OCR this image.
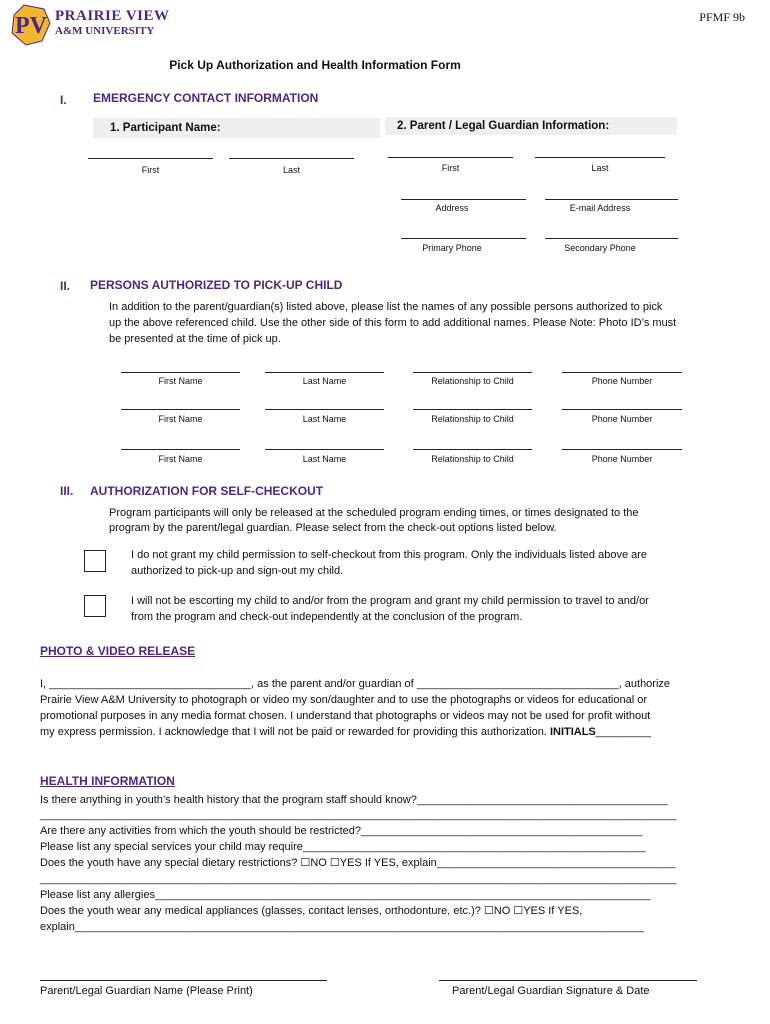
PV PRAIRIE VIEW
A&M UNIVERSITY
PFMF 9b
Pick Up Authorization and Health Information Form
I. EMERGENCY CONTACT INFORMATION
1. Participant Name:	2. Parent / Legal Guardian Information:
First	Last	First	Last
Address	E-mail Address
Primary Phone	Secondary Phone
II. PERSONS AUTHORIZED TO PICK-UP CHILD
In addition to the parent/guardian(s) listed above, please list the names of any possible persons authorized to pick
up the above referenced child. Use the other side of this form to add additional names. Please Note: Photo ID’s must
be presented at the time of pick up.
First Name	Last Name	Relationship to Child	Phone Number
First Name	Last Name	Relationship to Child	Phone Number
First Name	Last Name	Relationship to Child	Phone Number
III. AUTHORIZATION FOR SELF-CHECKOUT
Program participants will only be released at the scheduled program ending times, or times designated to the
program by the parent/legal guardian. Please select from the check-out options listed below.
I do not grant my child permission to self-checkout from this program. Only the individuals listed above are
authorized to pick-up and sign-out my child.
I will not be escorting my child to and/or from the program and grant my child permission to travel to and/or
from the program and check-out independently at the conclusion of the program.
PHOTO & VIDEO RELEASE
I, _________________________________, as the parent and/or guardian of _________________________________, authorize
Prairie View A&M University to photograph or video my son/daughter and to use the photographs or videos for educational or
promotional purposes in any media format chosen. I understand that photographs or videos may not be used for profit without
my express permission. I acknowledge that I will not be paid or rewarded for providing this authorization. INITIALS_________
HEALTH INFORMATION
Is there anything in youth’s health history that the program staff should know?_________________________________________
________________________________________________________________________________________________________
Are there any activities from which the youth should be restricted?______________________________________________
Please list any special services your child may require________________________________________________________
Does the youth have any special dietary restrictions? ☐NO ☐YES If YES, explain_______________________________________
________________________________________________________________________________________________________
Please list any allergies_________________________________________________________________________________
Does the youth wear any medical appliances (glasses, contact lenses, orthodonture, etc.)? ☐NO ☐YES If YES,
explain_____________________________________________________________________________________________
Parent/Legal Guardian Name (Please Print)	Parent/Legal Guardian Signature & Date
